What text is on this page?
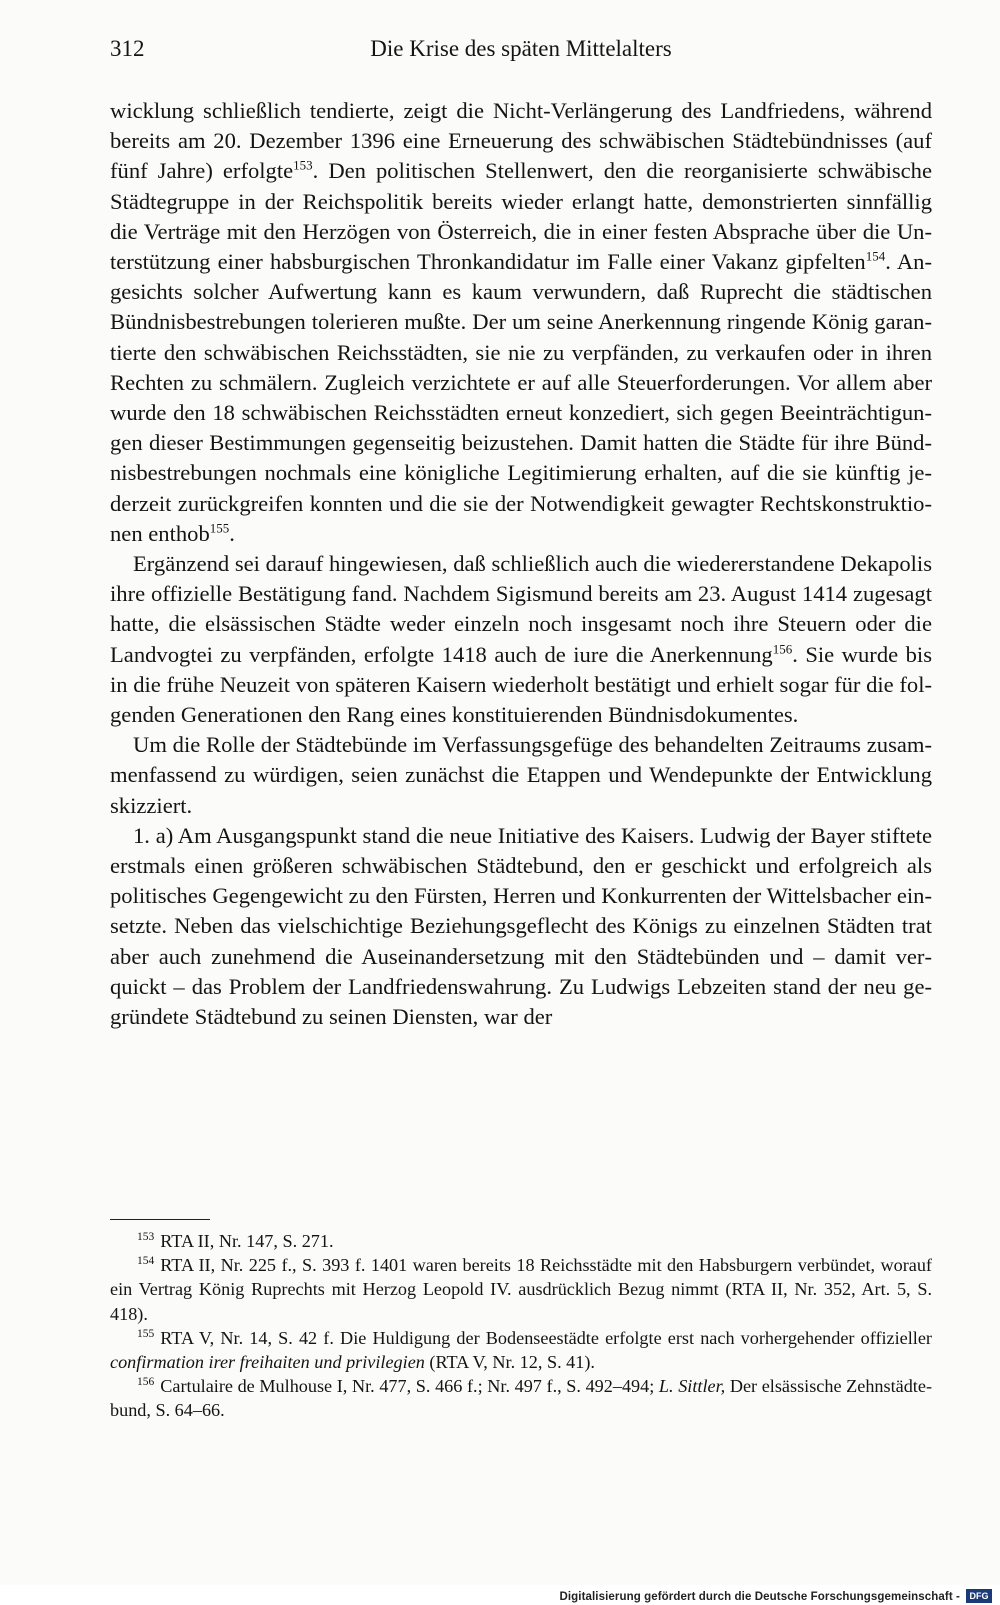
312	Die Krise des späten Mittelalters

wicklung schließlich tendierte, zeigt die Nicht-Verlängerung des Landfriedens, während bereits am 20. Dezember 1396 eine Erneuerung des schwäbischen Städtebündnisses (auf fünf Jahre) erfolgte$^{153}$. Den politischen Stellenwert, den die reorganisierte schwäbische Städtegruppe in der Reichspolitik bereits wieder erlangt hatte, demonstrierten sinnfällig die Verträge mit den Herzögen von Österreich, die in einer festen Absprache über die Unterstützung einer habsburgischen Thronkandidatur im Falle einer Vakanz gipfelten$^{154}$. Angesichts solcher Aufwertung kann es kaum verwundern, daß Ruprecht die städtischen Bündnisbestrebungen tolerieren mußte. Der um seine Anerkennung ringende König garantierte den schwäbischen Reichsstädten, sie nie zu verpfänden, zu verkaufen oder in ihren Rechten zu schmälern. Zugleich verzichtete er auf alle Steuerforderungen. Vor allem aber wurde den 18 schwäbischen Reichsstädten erneut konzediert, sich gegen Beeinträchtigungen dieser Bestimmungen gegenseitig beizustehen. Damit hatten die Städte für ihre Bündnisbestrebungen nochmals eine königliche Legitimierung erhalten, auf die sie künftig jederzeit zurückgreifen konnten und die sie der Notwendigkeit gewagter Rechtskonstruktionen enthob$^{155}$.

Ergänzend sei darauf hingewiesen, daß schließlich auch die wiedererstandene Dekapolis ihre offizielle Bestätigung fand. Nachdem Sigismund bereits am 23. August 1414 zugesagt hatte, die elsässischen Städte weder einzeln noch insgesamt noch ihre Steuern oder die Landvogtei zu verpfänden, erfolgte 1418 auch de iure die Anerkennung$^{156}$. Sie wurde bis in die frühe Neuzeit von späteren Kaisern wiederholt bestätigt und erhielt sogar für die folgenden Generationen den Rang eines konstituierenden Bündnisdokumentes.

Um die Rolle der Städtebünde im Verfassungsgefüge des behandelten Zeitraums zusammenfassend zu würdigen, seien zunächst die Etappen und Wendepunkte der Entwicklung skizziert.

1. a) Am Ausgangspunkt stand die neue Initiative des Kaisers. Ludwig der Bayer stiftete erstmals einen größeren schwäbischen Städtebund, den er geschickt und erfolgreich als politisches Gegengewicht zu den Fürsten, Herren und Konkurrenten der Wittelsbacher einsetzte. Neben das vielschichtige Beziehungsgeflecht des Königs zu einzelnen Städten trat aber auch zunehmend die Auseinandersetzung mit den Städtebünden und – damit verquickt – das Problem der Landfriedenswahrung. Zu Ludwigs Lebzeiten stand der neu gegründete Städtebund zu seinen Diensten, war der

$^{153}$ RTA II, Nr. 147, S. 271.

$^{154}$ RTA II, Nr. 225 f., S. 393 f. 1401 waren bereits 18 Reichsstädte mit den Habsburgern verbündet, worauf ein Vertrag König Ruprechts mit Herzog Leopold IV. ausdrücklich Bezug nimmt (RTA II, Nr. 352, Art. 5, S. 418).

$^{155}$ RTA V, Nr. 14, S. 42 f. Die Huldigung der Bodenseestädte erfolgte erst nach vorhergehender offizieller confirmation irer freihaiten und privilegien (RTA V, Nr. 12, S. 41).

$^{156}$ Cartulaire de Mulhouse I, Nr. 477, S. 466 f.; Nr. 497 f., S. 492–494; L. Sittler, Der elsässische Zehnstädtebund, S. 64–66.

Digitalisierung gefördert durch die Deutsche Forschungsgemeinschaft -	DFG
